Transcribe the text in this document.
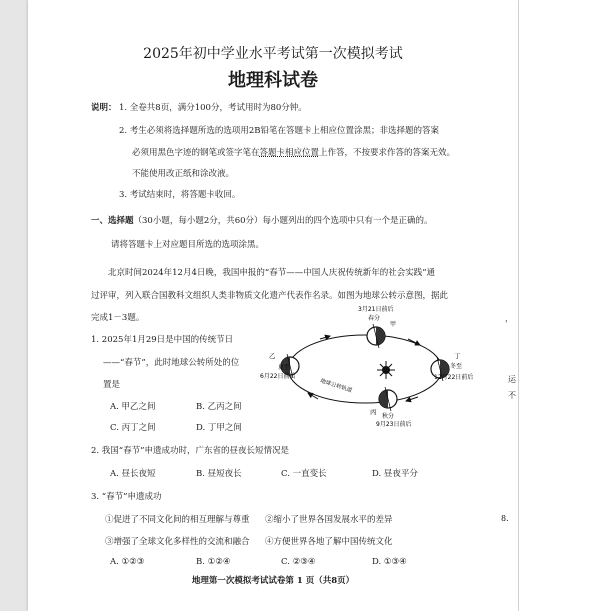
2025年初中学业水平考试第一次模拟考试
地理科试卷
说明： 1. 全卷共8页，满分100分，考试用时为80分钟。
2. 考生必须将选择题所选的选项用2B铅笔在答题卡上相应位置涂黑；非选择题的答案
必须用黑色字迹的钢笔或签字笔在答题卡相应位置上作答，不按要求作答的答案无效。
不能使用改正纸和涂改液。
3. 考试结束时，将答题卡收回。
一、选择题（30小题，每小题2分，共60分）每小题列出的四个选项中只有一个是正确的。
请将答题卡上对应题目所选的选项涂黑。
北京时间2024年12月4日晚，我国申报的“春节——中国人庆祝传统新年的社会实践”通
过评审，列入联合国教科文组织人类非物质文化遗产代表作名录。如图为地球公转示意图，据此
完成1－3题。
1. 2025年1月29日是中国的传统节日
——“春节”，此时地球公转所处的位
置是
A. 甲乙之间	B. 乙丙之间
C. 丙丁之间	D. 丁甲之间
2. 我国“春节”申遗成功时，广东省的昼夜长短情况是
A. 昼长夜短	B. 昼短夜长	C. 一直变长	D. 昼夜平分
3. “春节”申遗成功
①促进了不同文化间的相互理解与尊重 ②缩小了世界各国发展水平的差异
③增强了全球文化多样性的交流和融合 ④方便世界各地了解中国传统文化
A. ①②③	B. ①②④	C. ②③④	D. ①③④
地理第一次模拟考试试卷第 1 页（共8页）
3月21日前后
春分
甲
丁
冬至
12月22日前后
乙
夏至
6月22日前后
丙
秋分
9月23日前后
地球公转轨道
，
运
不
8.
